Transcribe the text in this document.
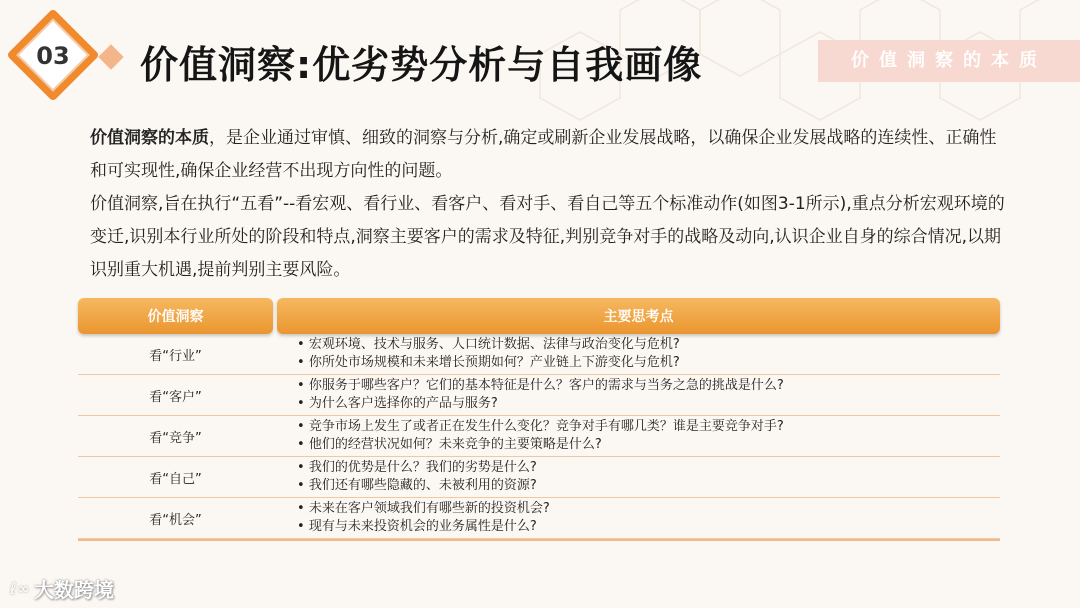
03	价值洞察:优劣势分析与自我画像	价值洞察的本质
价值洞察的本质，是企业通过审慎、细致的洞察与分析,确定或刷新企业发展战略，以确保企业发展战略的连续性、正确性和可实现性,确保企业经营不出现方向性的问题。
价值洞察,旨在执行“五看”--看宏观、看行业、看客户、看对手、看自己等五个标准动作(如图3-1所示),重点分析宏观环境的变迁,识别本行业所处的阶段和特点,洞察主要客户的需求及特征,判别竞争对手的战略及动向,认识企业自身的综合情况,以期识别重大机遇,提前判别主要风险。
价值洞察	主要思考点
看“行业”
• 宏观环境、技术与服务、人口统计数据、法律与政治变化与危机?
• 你所处市场规模和未来增长预期如何？产业链上下游变化与危机?
看“客户”
• 你服务于哪些客户？它们的基本特征是什么？客户的需求与当务之急的挑战是什么?
• 为什么客户选择你的产品与服务?
看“竞争”
• 竞争市场上发生了或者正在发生什么变化？竞争对手有哪几类？谁是主要竞争对手?
• 他们的经营状况如何？未来竞争的主要策略是什么?
看“自己”
• 我们的优势是什么？我们的劣势是什么?
• 我们还有哪些隐藏的、未被利用的资源?
看“机会”
• 未来在客户领域我们有哪些新的投资机会?
• 现有与未来投资机会的业务属性是什么?
ℓ∞ 大数跨境
